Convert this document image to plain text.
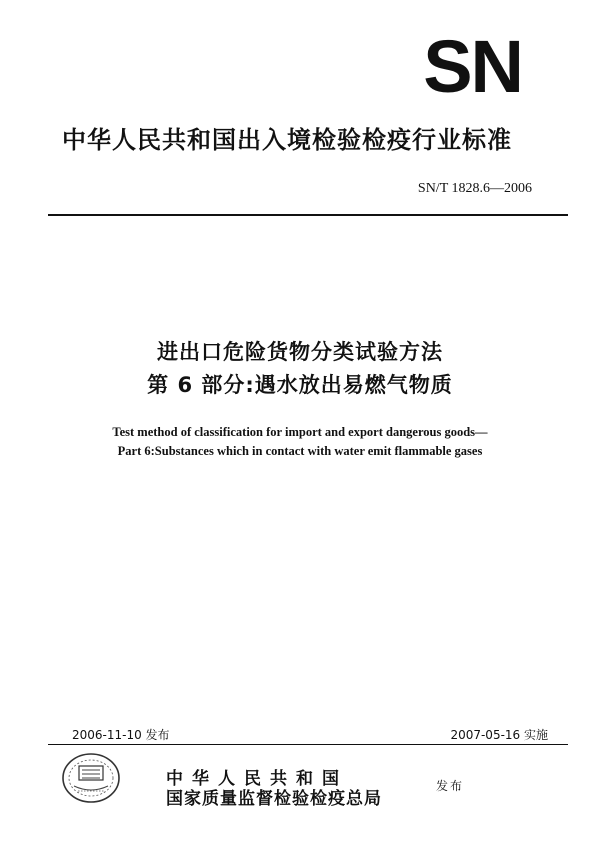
SN
中华人民共和国出入境检验检疫行业标准
SN/T 1828.6—2006
进出口危险货物分类试验方法
第 6 部分:遇水放出易燃气物质
Test method of classification for import and export dangerous goods—
Part 6:Substances which in contact with water emit flammable gases
2006-11-10 发布	2007-05-16 实施
中华人民共和国
国家质量监督检验检疫总局
发布
